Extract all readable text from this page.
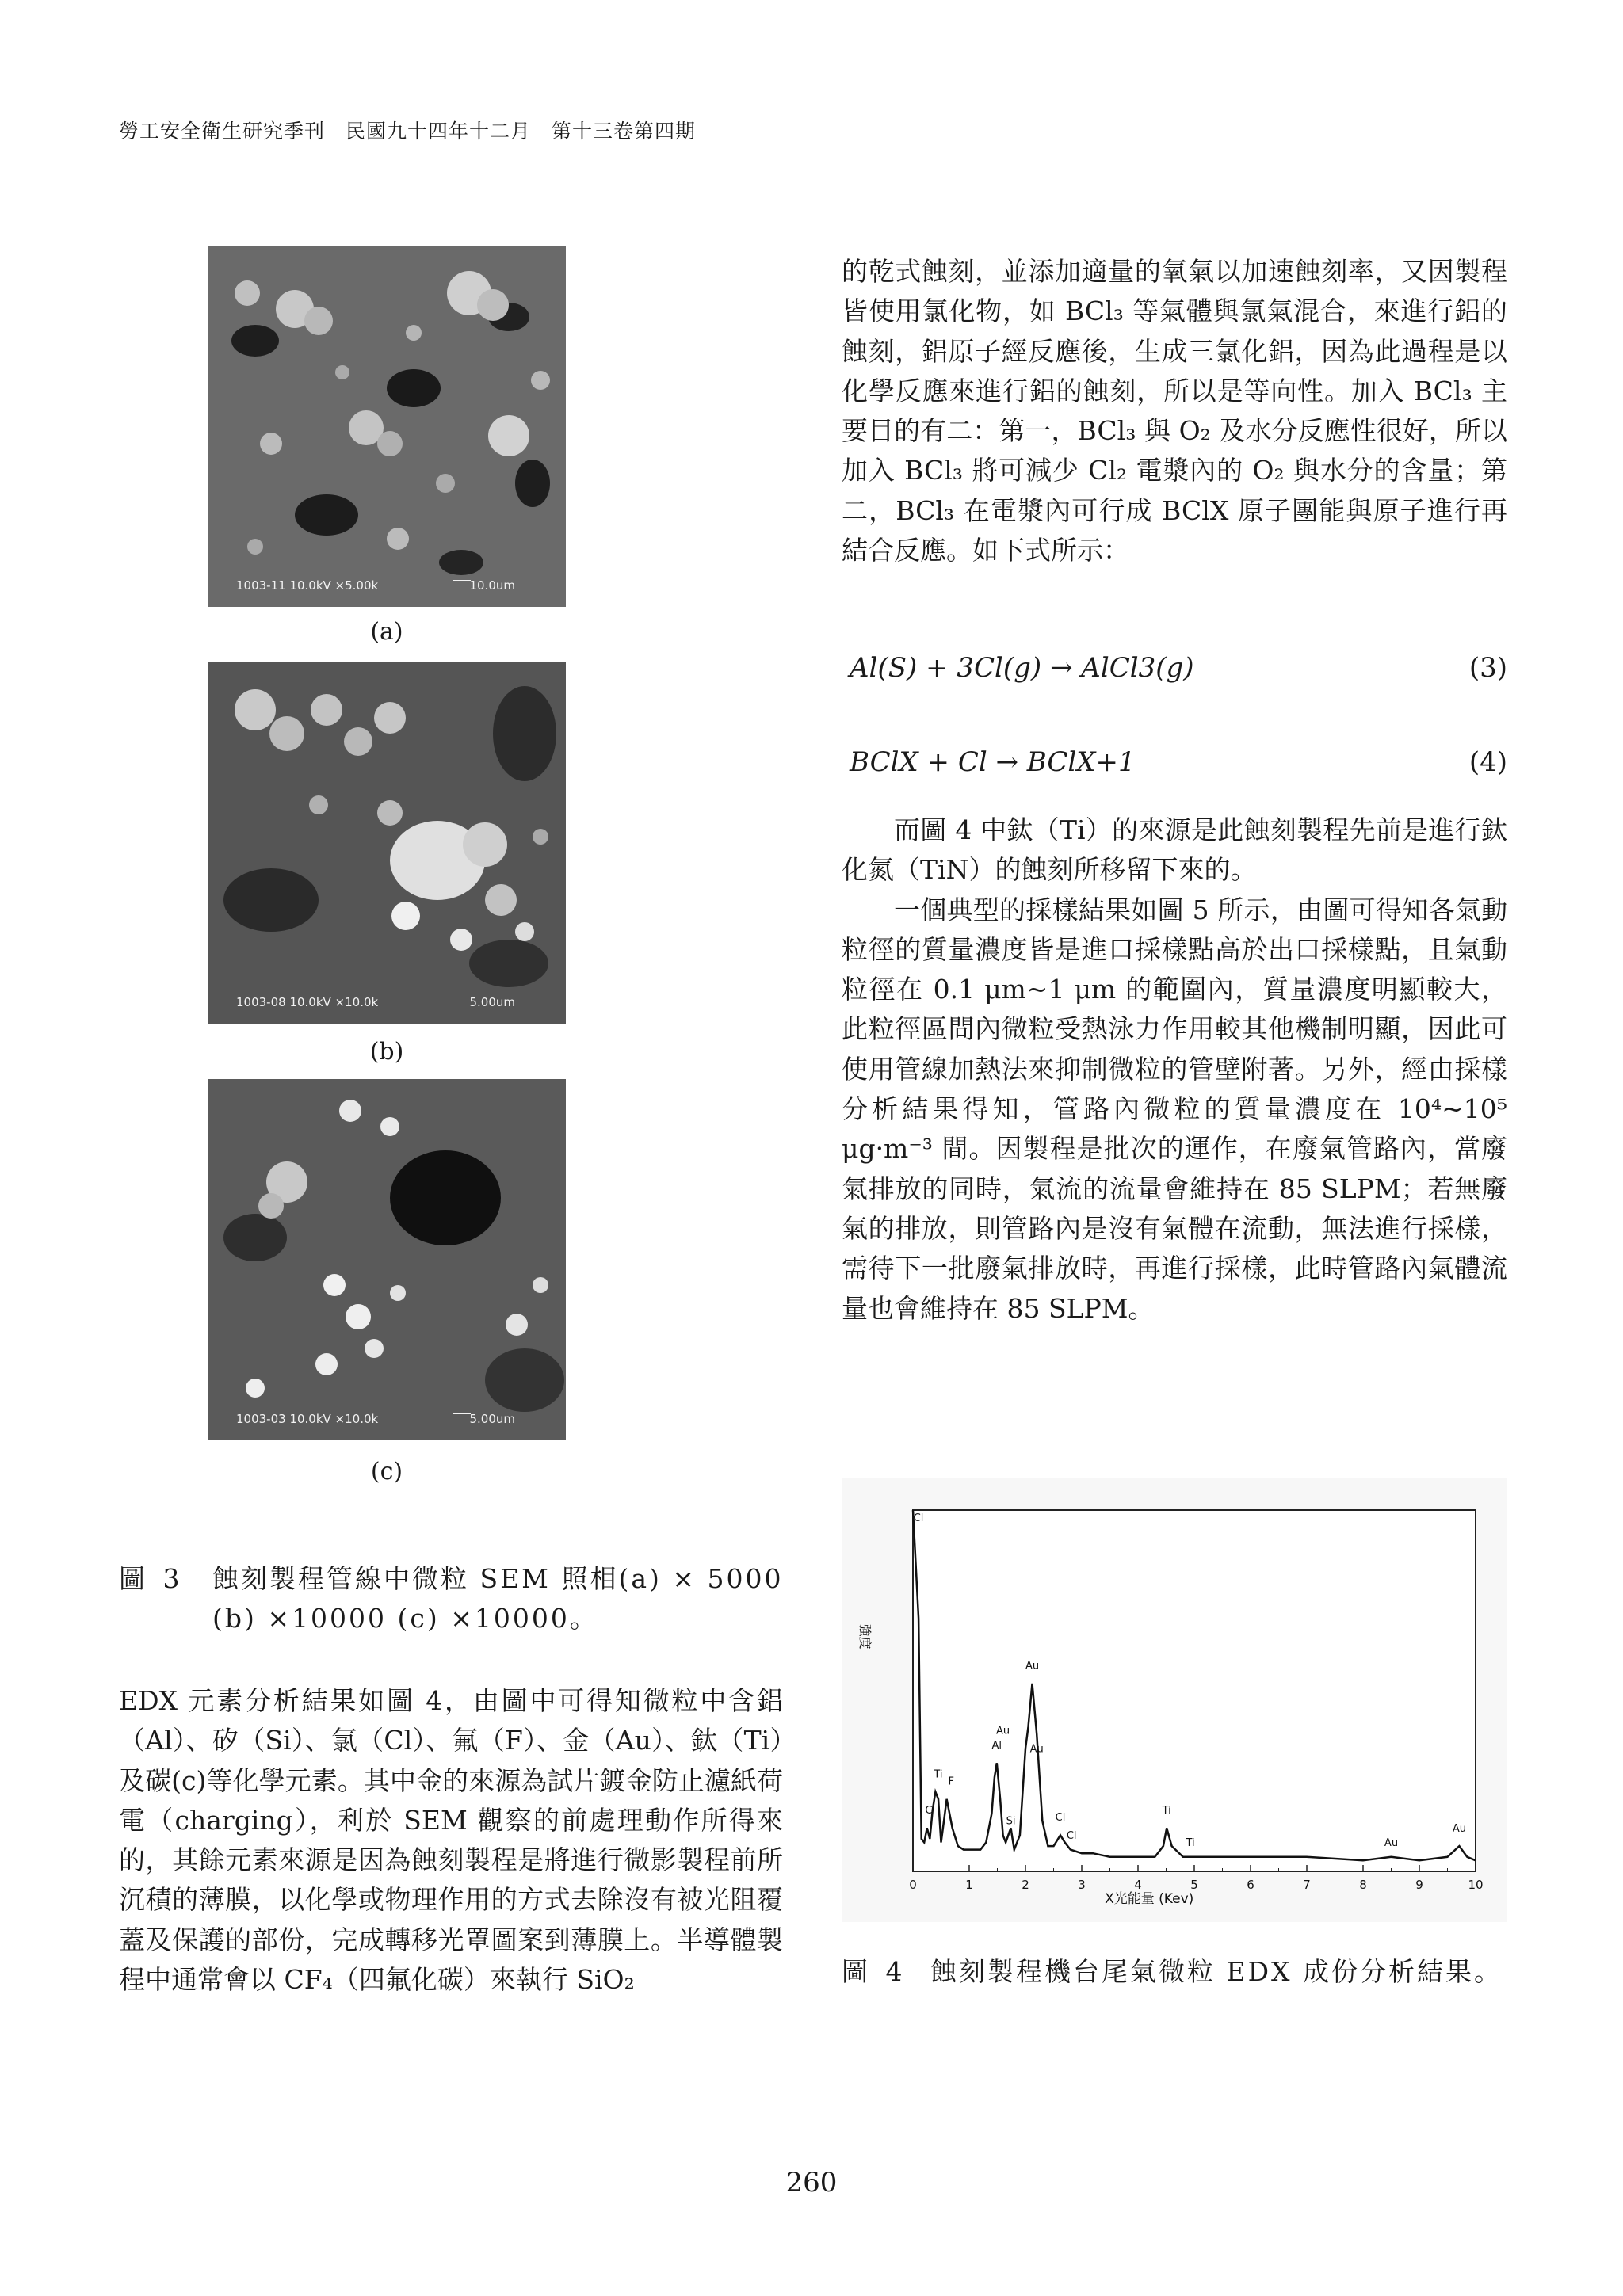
勞工安全衛生研究季刊　民國九十四年十二月　第十三卷第四期
1003-11 10.0kV ×5.00k	10.0um
(a)
1003-08 10.0kV ×10.0k	5.00um
(b)
1003-03 10.0kV ×10.0k	5.00um
(c)
圖 3 蝕刻製程管線中微粒 SEM 照相(a) × 5000 (b) ×10000 (c) ×10000。
EDX 元素分析結果如圖 4，由圖中可得知微粒中含鋁（Al）、矽（Si）、氯（Cl）、氟（F）、金（Au）、鈦（Ti）及碳(c)等化學元素。其中金的來源為試片鍍金防止濾紙荷電（charging），利於 SEM 觀察的前處理動作所得來的，其餘元素來源是因為蝕刻製程是將進行微影製程前所沉積的薄膜，以化學或物理作用的方式去除沒有被光阻覆蓋及保護的部份，完成轉移光罩圖案到薄膜上。半導體製程中通常會以 CF₄（四氟化碳）來執行 SiO₂
的乾式蝕刻，並添加適量的氧氣以加速蝕刻率，又因製程皆使用氯化物，如 BCl₃ 等氣體與氯氣混合，來進行鋁的蝕刻，鋁原子經反應後，生成三氯化鋁，因為此過程是以化學反應來進行鋁的蝕刻，所以是等向性。加入 BCl₃ 主要目的有二：第一，BCl₃ 與 O₂ 及水分反應性很好，所以加入 BCl₃ 將可減少 Cl₂ 電漿內的 O₂ 與水分的含量；第二，BCl₃ 在電漿內可行成 BClX 原子團能與原子進行再結合反應。如下式所示：
Al(S) + 3Cl(g) → AlCl3(g)	(3)
BClX + Cl → BClX+1	(4)

而圖 4 中鈦（Ti）的來源是此蝕刻製程先前是進行鈦化氮（TiN）的蝕刻所移留下來的。

一個典型的採樣結果如圖 5 所示，由圖可得知各氣動粒徑的質量濃度皆是進口採樣點高於出口採樣點，且氣動粒徑在 0.1 μm~1 μm 的範圍內，質量濃度明顯較大，此粒徑區間內微粒受熱泳力作用較其他機制明顯，因此可使用管線加熱法來抑制微粒的管壁附著。另外，經由採樣分析結果得知，管路內微粒的質量濃度在 10⁴~10⁵ μg·m⁻³ 間。因製程是批次的運作，在廢氣管路內，當廢氣排放的同時，氣流的流量會維持在 85 SLPM；若無廢氣的排放，則管路內是沒有氣體在流動，無法進行採樣，需待下一批廢氣排放時，再進行採樣，此時管路內氣體流量也會維持在 85 SLPM。

0	1	2	3	4	5	6	7	8	9	10
X光能量 (Kev)
強度
C
Ti
F
Al
Au
Si
Au
Au
Cl
Cl
Ti
Ti	Au
Au
Cl
圖 4 蝕刻製程機台尾氣微粒 EDX 成份分析結果。
260
